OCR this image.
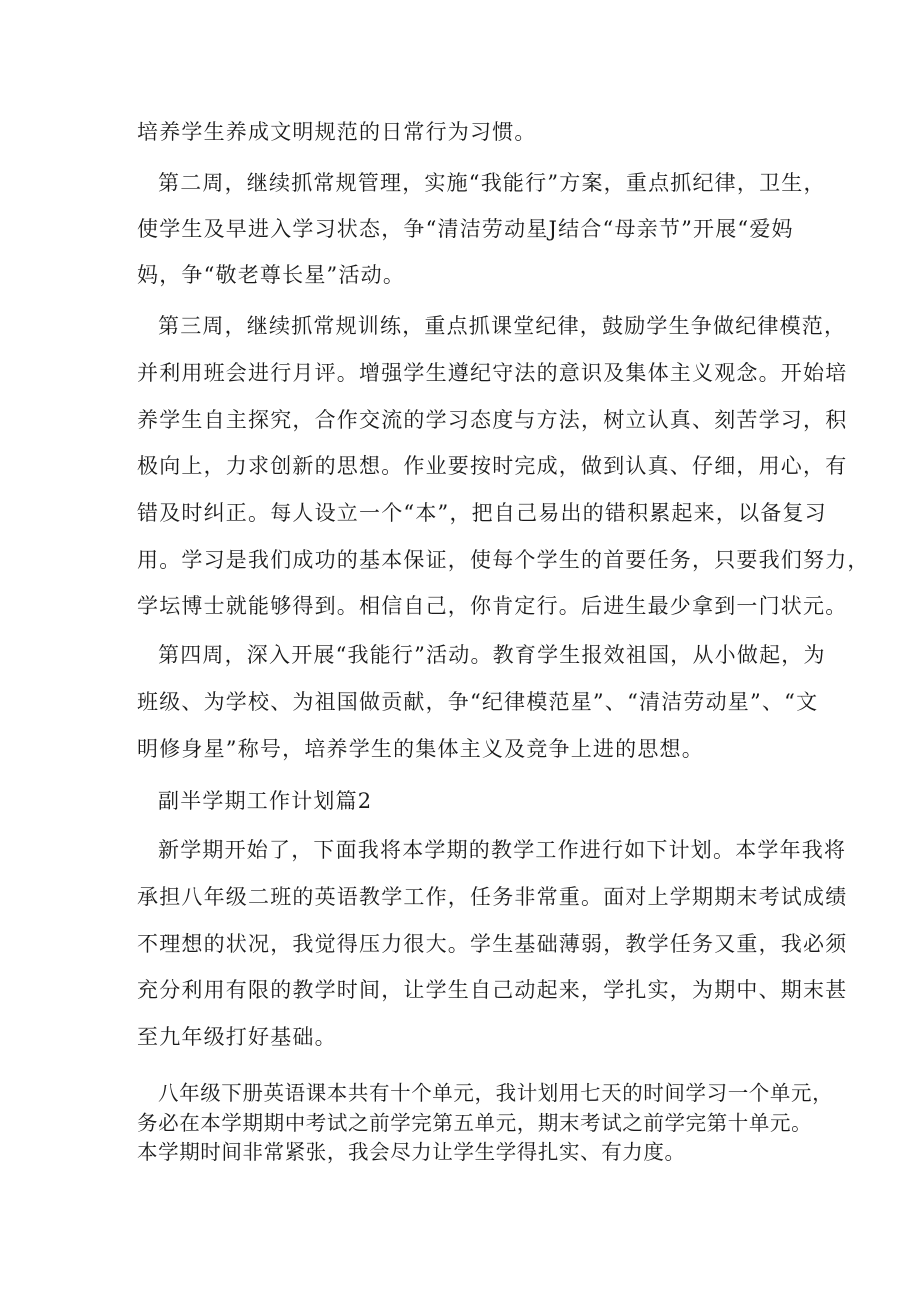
培养学生养成文明规范的日常行为习惯。
第二周，继续抓常规管理，实施“我能行”方案，重点抓纪律，卫生，
使学生及早进入学习状态，争“清洁劳动星J结合“母亲节”开展“爱妈
妈，争“敬老尊长星”活动。
第三周，继续抓常规训练，重点抓课堂纪律，鼓励学生争做纪律模范，
并利用班会进行月评。增强学生遵纪守法的意识及集体主义观念。开始培
养学生自主探究，合作交流的学习态度与方法，树立认真、刻苦学习，积
极向上，力求创新的思想。作业要按时完成，做到认真、仔细，用心，有
错及时纠正。每人设立一个“本”，把自己易出的错积累起来，以备复习
用。学习是我们成功的基本保证，使每个学生的首要任务，只要我们努力，
学坛博士就能够得到。相信自己，你肯定行。后进生最少拿到一门状元。
第四周，深入开展“我能行”活动。教育学生报效祖国，从小做起，为
班级、为学校、为祖国做贡献，争“纪律模范星”、“清洁劳动星”、“文
明修身星”称号，培养学生的集体主义及竞争上进的思想。
副半学期工作计划篇2
新学期开始了，下面我将本学期的教学工作进行如下计划。本学年我将
承担八年级二班的英语教学工作，任务非常重。面对上学期期末考试成绩
不理想的状况，我觉得压力很大。学生基础薄弱，教学任务又重，我必须
充分利用有限的教学时间，让学生自己动起来，学扎实，为期中、期末甚
至九年级打好基础。
八年级下册英语课本共有十个单元，我计划用七天的时间学习一个单元，
务必在本学期期中考试之前学完第五单元，期末考试之前学完第十单元。
本学期时间非常紧张，我会尽力让学生学得扎实、有力度。
